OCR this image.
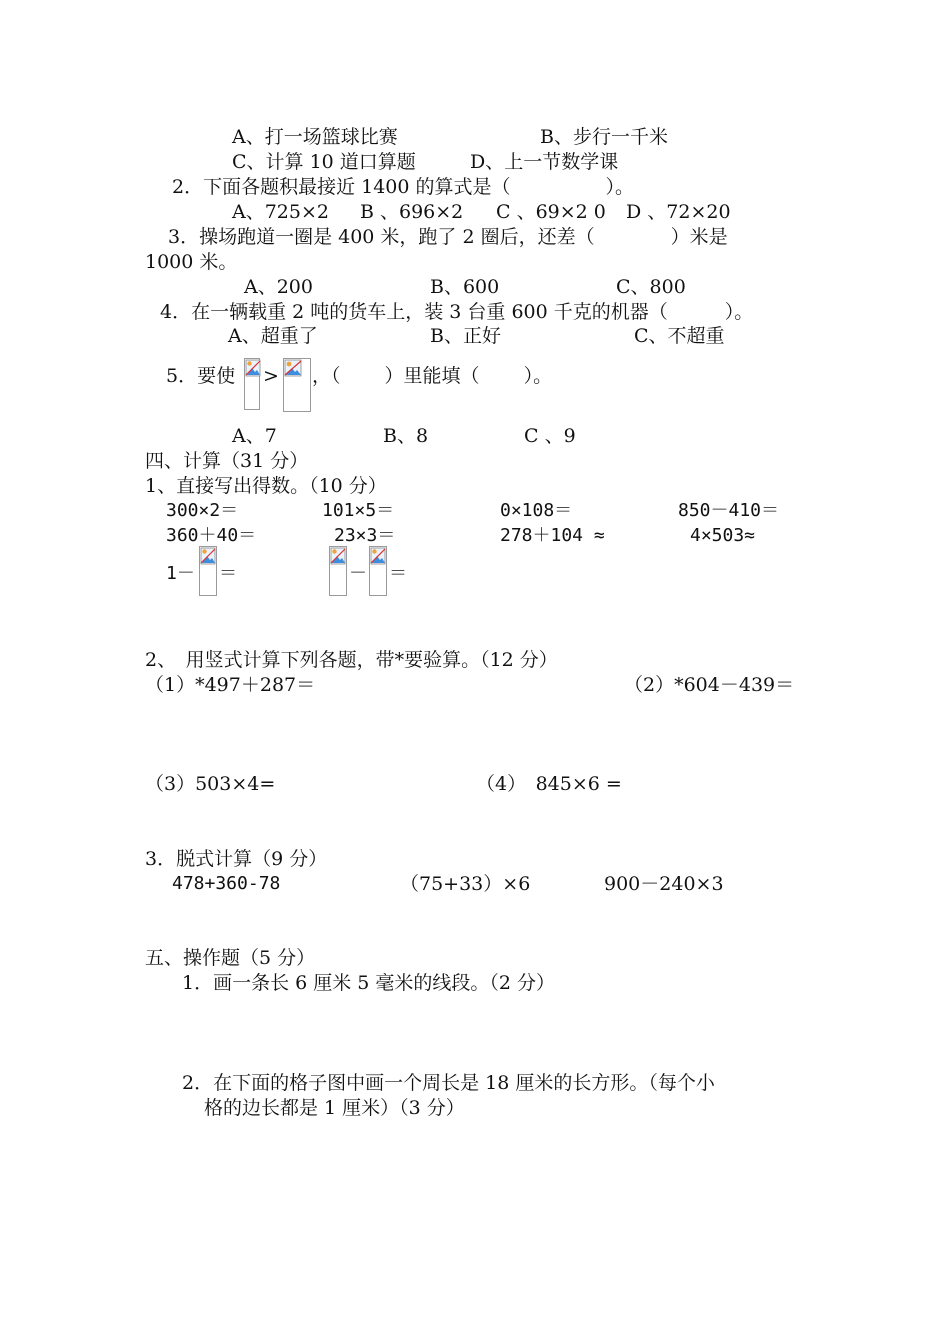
A、打一场篮球比赛	B、步行一千米
C、计算 10 道口算题	D、上一节数学课
2．下面各题积最接近 1400 的算式是（　　　　　）。
A、725×2 B 、696×2 C 、69×2 0 D 、72×20
3．操场跑道一圈是 400 米，跑了 2 圈后，还差（　　　　）米是
1000 米。
A、200	B、600	C、800
4．在一辆载重 2 吨的货车上，装 3 台重 600 千克的机器（　　　）。
A、超重了	B、正好	C、不超重
5．要使 > ，（　　 ）里能填（　　 ）。
A、7	B、8	C 、9
四、计算（31 分）
1、直接写出得数。（10 分）
300×2＝	101×5＝	0×108＝	850－410＝
360＋40＝	23×3＝	278＋104 ≈	4×503≈
1－ ＝	－ ＝
2、　用竖式计算下列各题，带*要验算。（12 分）
（1）*497＋287＝	（2）*604－439＝
（3）503×4=	（4）　845×6 =
3．脱式计算（9 分）
478+360-78	（75+33）×6	900－240×3
五、操作题（5 分）
1．画一条长 6 厘米 5 毫米的线段。（2 分）
2．在下面的格子图中画一个周长是 18 厘米的长方形。（每个小
格的边长都是 1 厘米）（3 分）
